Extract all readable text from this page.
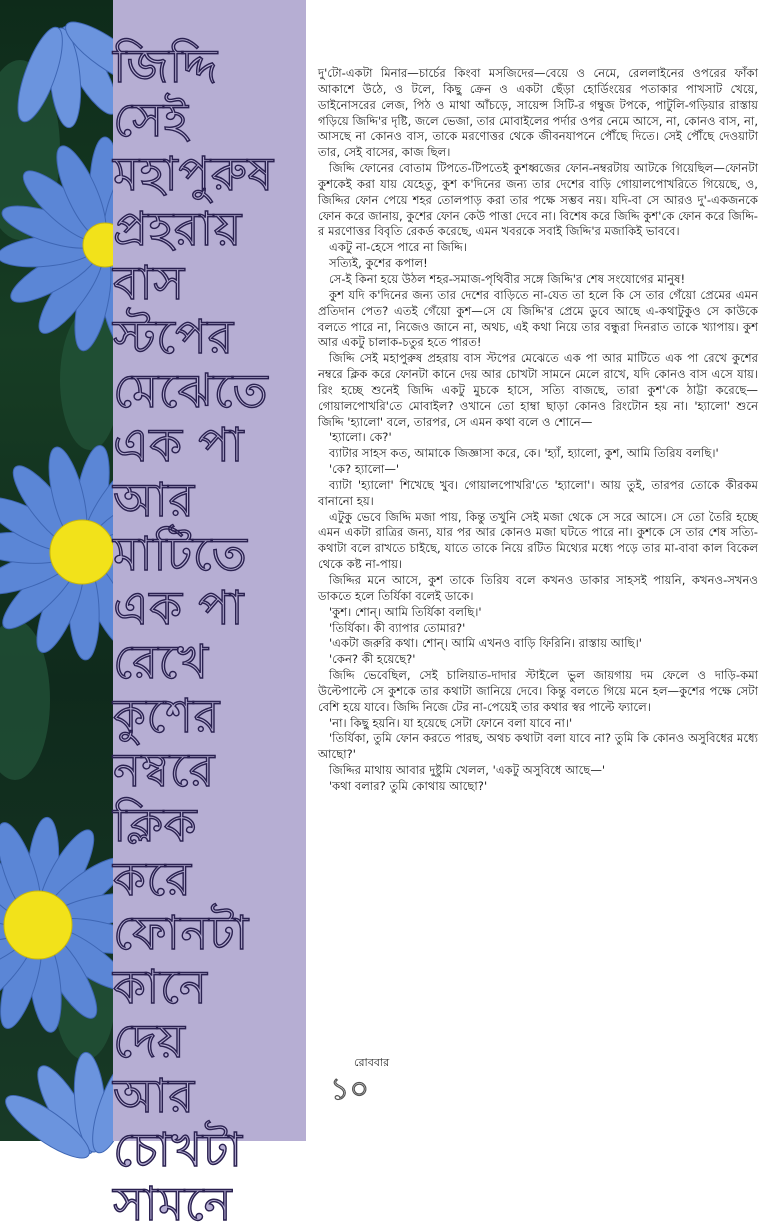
জিদ্দি
সেই
মহাপুরুষ
প্রহরায়
বাস
স্টপের
মেঝেতে
এক পা
আর
মাটিতে
এক পা
রেখে
কুশের
নম্বরে
ক্লিক
করে
ফোনটা
কানে
দেয়
আর
চোখটা
সামনে

দু'টো-একটা মিনার—চার্চের কিংবা মসজিদের—বেয়ে ও নেমে, রেললাইনের ওপরের ফাঁকা আকাশে উঠে, ও টলে, কিছু ক্রেন ও একটা ছেঁড়া হোর্ডিংয়ের পতাকার পাখসাট খেয়ে, ডাইনোসরের লেজ, পিঠ ও মাথা আঁচড়ে, সায়েন্স সিটি-র গম্বুজ টপকে, পাটুলি-গড়িয়ার রাস্তায় গড়িয়ে জিদ্দি'র দৃষ্টি, জলে ভেজা, তার মোবাইলের পর্দার ওপর নেমে আসে, না, কোনও বাস, না, আসছে না কোনও বাস, তাকে মরণোত্তর থেকে জীবনযাপনে পৌঁছে দিতে। সেই পৌঁছে দেওয়াটা তার, সেই বাসের, কাজ ছিল।

জিদ্দি ফোনের বোতাম টিপতে-টিপতেই কুশধ্বজের ফোন-নম্বরটায় আটকে গিয়েছিল—ফোনটা কুশকেই করা যায় যেহেতু, কুশ ক'দিনের জন্য তার দেশের বাড়ি গোয়ালপোখরিতে গিয়েছে, ও, জিদ্দির ফোন পেয়ে শহর তোলপাড় করা তার পক্ষে সম্ভব নয়। যদি-বা সে আরও দু'-একজনকে ফোন করে জানায়, কুশের ফোন কেউ পাত্তা দেবে না। বিশেষ করে জিদ্দি কুশ'কে ফোন করে জিদ্দি-র মরণোত্তর বিবৃতি রেকর্ড করেছে, এমন খবরকে সবাই জিদ্দি'র মজাকিই ভাববে।

একটু না-হেসে পারে না জিদ্দি।

সত্যিই, কুশের কপাল!

সে-ই কিনা হয়ে উঠল শহর-সমাজ-পৃথিবীর সঙ্গে জিদ্দি'র শেষ সংযোগের মানুষ!

কুশ যদি ক'দিনের জন্য তার দেশের বাড়িতে না-যেত তা হলে কি সে তার গেঁয়ো প্রেমের এমন প্রতিদান পেত? এতই গেঁয়ো কুশ—সে যে জিদ্দি'র প্রেমে ডুবে আছে এ-কথাটুকুও সে কাউকে বলতে পারে না, নিজেও জানে না, অথচ, এই কথা নিয়ে তার বন্ধুরা দিনরাত তাকে খ্যাপায়। কুশ আর একটু চালাক-চতুর হতে পারত!

জিদ্দি সেই মহাপুরুষ প্রহরায় বাস স্টপের মেঝেতে এক পা আর মাটিতে এক পা রেখে কুশের নম্বরে ক্লিক করে ফোনটা কানে দেয় আর চোখটা সামনে মেলে রাখে, যদি কোনও বাস এসে যায়। রিং হচ্ছে শুনেই জিদ্দি একটু মুচকে হাসে, সত্যি বাজছে, তারা কুশ'কে ঠাট্টা করেছে—গোয়ালপোখরি'তে মোবাইল? ওখানে তো হাম্বা ছাড়া কোনও রিংটোন হয় না। 'হ্যালো' শুনে জিদ্দি 'হ্যালো' বলে, তারপর, সে এমন কথা বলে ও শোনে—

'হ্যালো। কে?'

ব্যাটার সাহস কত, আমাকে জিজ্ঞাসা করে, কে। 'হ্যাঁ, হ্যালো, কুশ, আমি তিরিয বলছি।'

'কে? হ্যালো—'

ব্যাটা 'হ্যালো' শিখেছে খুব। গোয়ালপোখরি'তে 'হ্যালো'। আয় তুই, তারপর তোকে কীরকম বানানো হয়।

এটুকু ভেবে জিদ্দি মজা পায়, কিন্তু তখুনি সেই মজা থেকে সে সরে আসে। সে তো তৈরি হচ্ছে এমন একটা রাত্রির জন্য, যার পর আর কোনও মজা ঘটতে পারে না। কুশকে সে তার শেষ সত্যি-কথাটা বলে রাখতে চাইছে, যাতে তাকে নিয়ে রটিত মিথ্যের মধ্যে পড়ে তার মা-বাবা কাল বিকেল থেকে কষ্ট না-পায়।

জিদ্দির মনে আসে, কুশ তাকে তিরিয বলে কখনও ডাকার সাহসই পায়নি, কখনও-সখনও ডাকতে হলে তির্যিকা বলেই ডাকে।

'কুশ। শোন্। আমি তির্যিকা বলছি।'

'তির্যিকা। কী ব্যাপার তোমার?'

'একটা জরুরি কথা। শোন্। আমি এখনও বাড়ি ফিরিনি। রাস্তায় আছি।'

'কেন? কী হয়েছে?'

জিদ্দি ভেবেছিল, সেই চালিয়াত-দাদার স্টাইলে ভুল জায়গায় দম ফেলে ও দাড়ি-কমা উল্টেপাল্টে সে কুশকে তার কথাটা জানিয়ে দেবে। কিন্তু বলতে গিয়ে মনে হল—কুশের পক্ষে সেটা বেশি হয়ে যাবে। জিদ্দি নিজে টের না-পেয়েই তার কথার স্বর পাল্টে ফ্যালে।

'না। কিছু হয়নি। যা হয়েছে সেটা ফোনে বলা যাবে না।'

'তির্যিকা, তুমি ফোন করতে পারছ, অথচ কথাটা বলা যাবে না? তুমি কি কোনও অসুবিধের মধ্যে আছো?'

জিদ্দির মাথায় আবার দুষ্টুমি খেলল, 'একটু অসুবিধে আছে—'

'কথা বলার? তুমি কোথায় আছো?'

রোববার
১০
